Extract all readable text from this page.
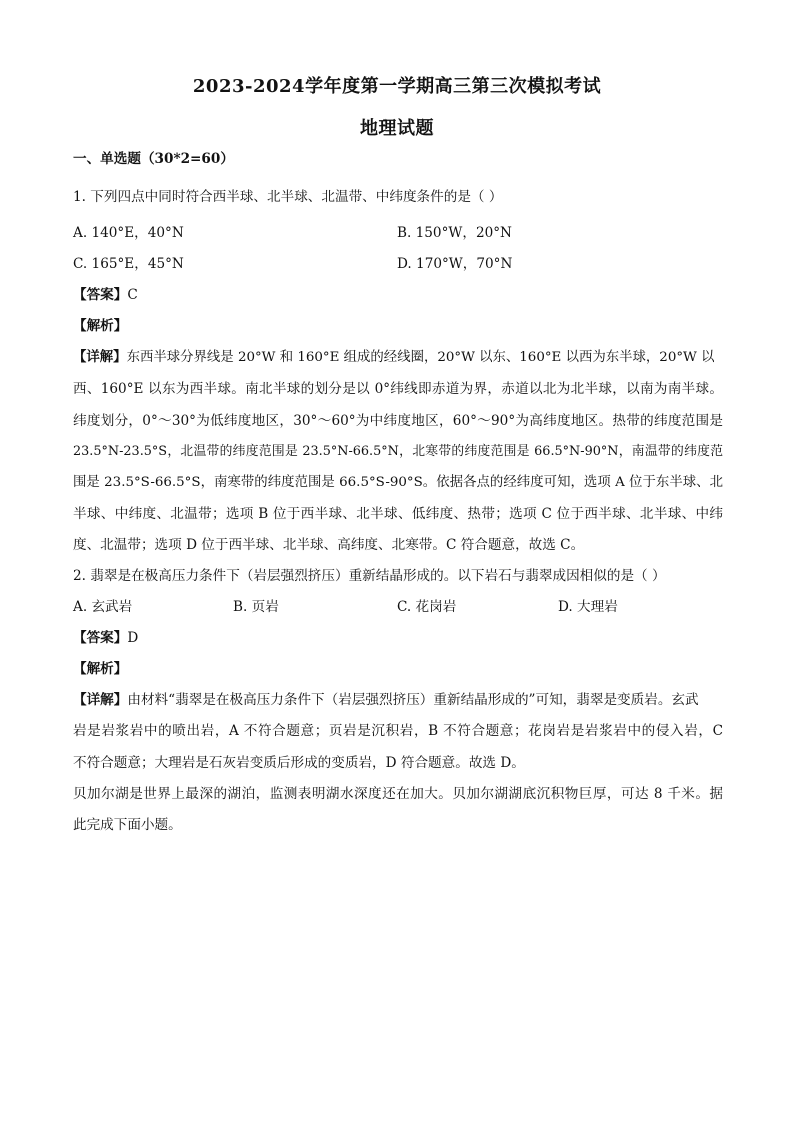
2023-2024学年度第一学期高三第三次模拟考试
地理试题
一、单选题（30*2=60）
1. 下列四点中同时符合西半球、北半球、北温带、中纬度条件的是（ ）
A. 140°E，40°N	B. 150°W，20°N
C. 165°E，45°N	D. 170°W，70°N
【答案】C
【解析】
【详解】东西半球分界线是 20°W 和 160°E 组成的经线圈，20°W 以东、160°E 以西为东半球，20°W 以
西、160°E 以东为西半球。南北半球的划分是以 0°纬线即赤道为界，赤道以北为北半球，以南为南半球。
纬度划分，0°～30°为低纬度地区，30°～60°为中纬度地区，60°～90°为高纬度地区。热带的纬度范围是
23.5°N-23.5°S，北温带的纬度范围是 23.5°N-66.5°N，北寒带的纬度范围是 66.5°N-90°N，南温带的纬度范
围是 23.5°S-66.5°S，南寒带的纬度范围是 66.5°S-90°S。依据各点的经纬度可知，选项 A 位于东半球、北
半球、中纬度、北温带；选项 B 位于西半球、北半球、低纬度、热带；选项 C 位于西半球、北半球、中纬
度、北温带；选项 D 位于西半球、北半球、高纬度、北寒带。C 符合题意，故选 C。
2. 翡翠是在极高压力条件下（岩层强烈挤压）重新结晶形成的。以下岩石与翡翠成因相似的是（ ）
A. 玄武岩	B. 页岩	C. 花岗岩	D. 大理岩
【答案】D
【解析】
【详解】由材料“翡翠是在极高压力条件下（岩层强烈挤压）重新结晶形成的”可知，翡翠是变质岩。玄武
岩是岩浆岩中的喷出岩，A 不符合题意；页岩是沉积岩，B 不符合题意；花岗岩是岩浆岩中的侵入岩，C
不符合题意；大理岩是石灰岩变质后形成的变质岩，D 符合题意。故选 D。
贝加尔湖是世界上最深的湖泊，监测表明湖水深度还在加大。贝加尔湖湖底沉积物巨厚，可达 8 千米。据
此完成下面小题。
